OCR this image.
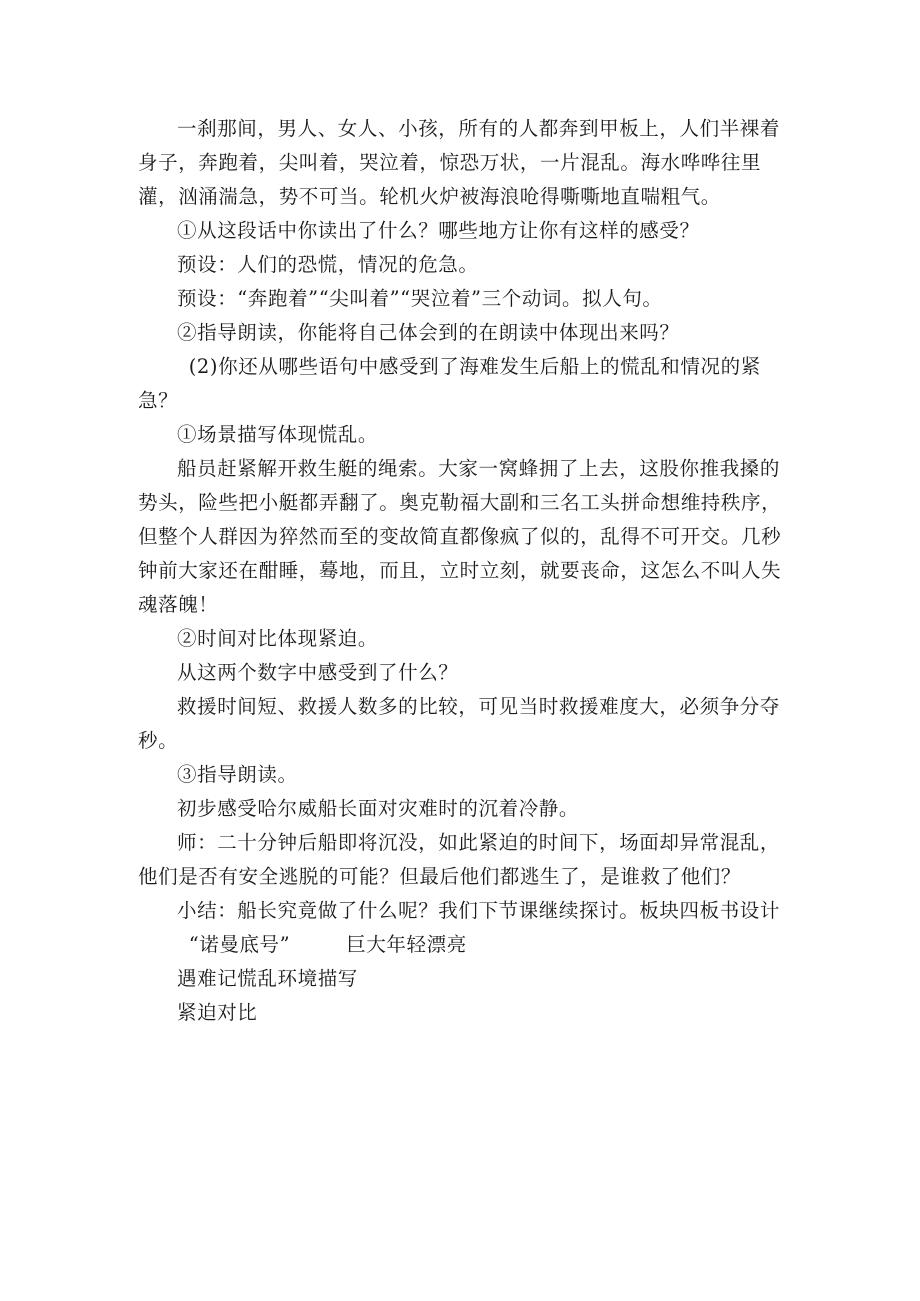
一刹那间，男人、女人、小孩，所有的人都奔到甲板上，人们半裸着身子，奔跑着，尖叫着，哭泣着，惊恐万状，一片混乱。海水哗哗往里灌，汹涌湍急，势不可当。轮机火炉被海浪呛得嘶嘶地直喘粗气。

①从这段话中你读出了什么？哪些地方让你有这样的感受？

预设：人们的恐慌，情况的危急。

预设：“奔跑着”“尖叫着”“哭泣着”三个动词。拟人句。

②指导朗读，你能将自己体会到的在朗读中体现出来吗？

(2)你还从哪些语句中感受到了海难发生后船上的慌乱和情况的紧急？

①场景描写体现慌乱。

船员赶紧解开救生艇的绳索。大家一窝蜂拥了上去，这股你推我搡的势头，险些把小艇都弄翻了。奥克勒福大副和三名工头拼命想维持秩序，但整个人群因为猝然而至的变故简直都像疯了似的，乱得不可开交。几秒钟前大家还在酣睡，蓦地，而且，立时立刻，就要丧命，这怎么不叫人失魂落魄！

②时间对比体现紧迫。

从这两个数字中感受到了什么？

救援时间短、救援人数多的比较，可见当时救援难度大，必须争分夺秒。

③指导朗读。

初步感受哈尔威船长面对灾难时的沉着冷静。

师：二十分钟后船即将沉没，如此紧迫的时间下，场面却异常混乱，他们是否有安全逃脱的可能？但最后他们都逃生了，是谁救了他们？

小结：船长究竟做了什么呢？我们下节课继续探讨。板块四板书设计

“诺曼底号”	巨大年轻漂亮

遇难记慌乱环境描写

紧迫对比
